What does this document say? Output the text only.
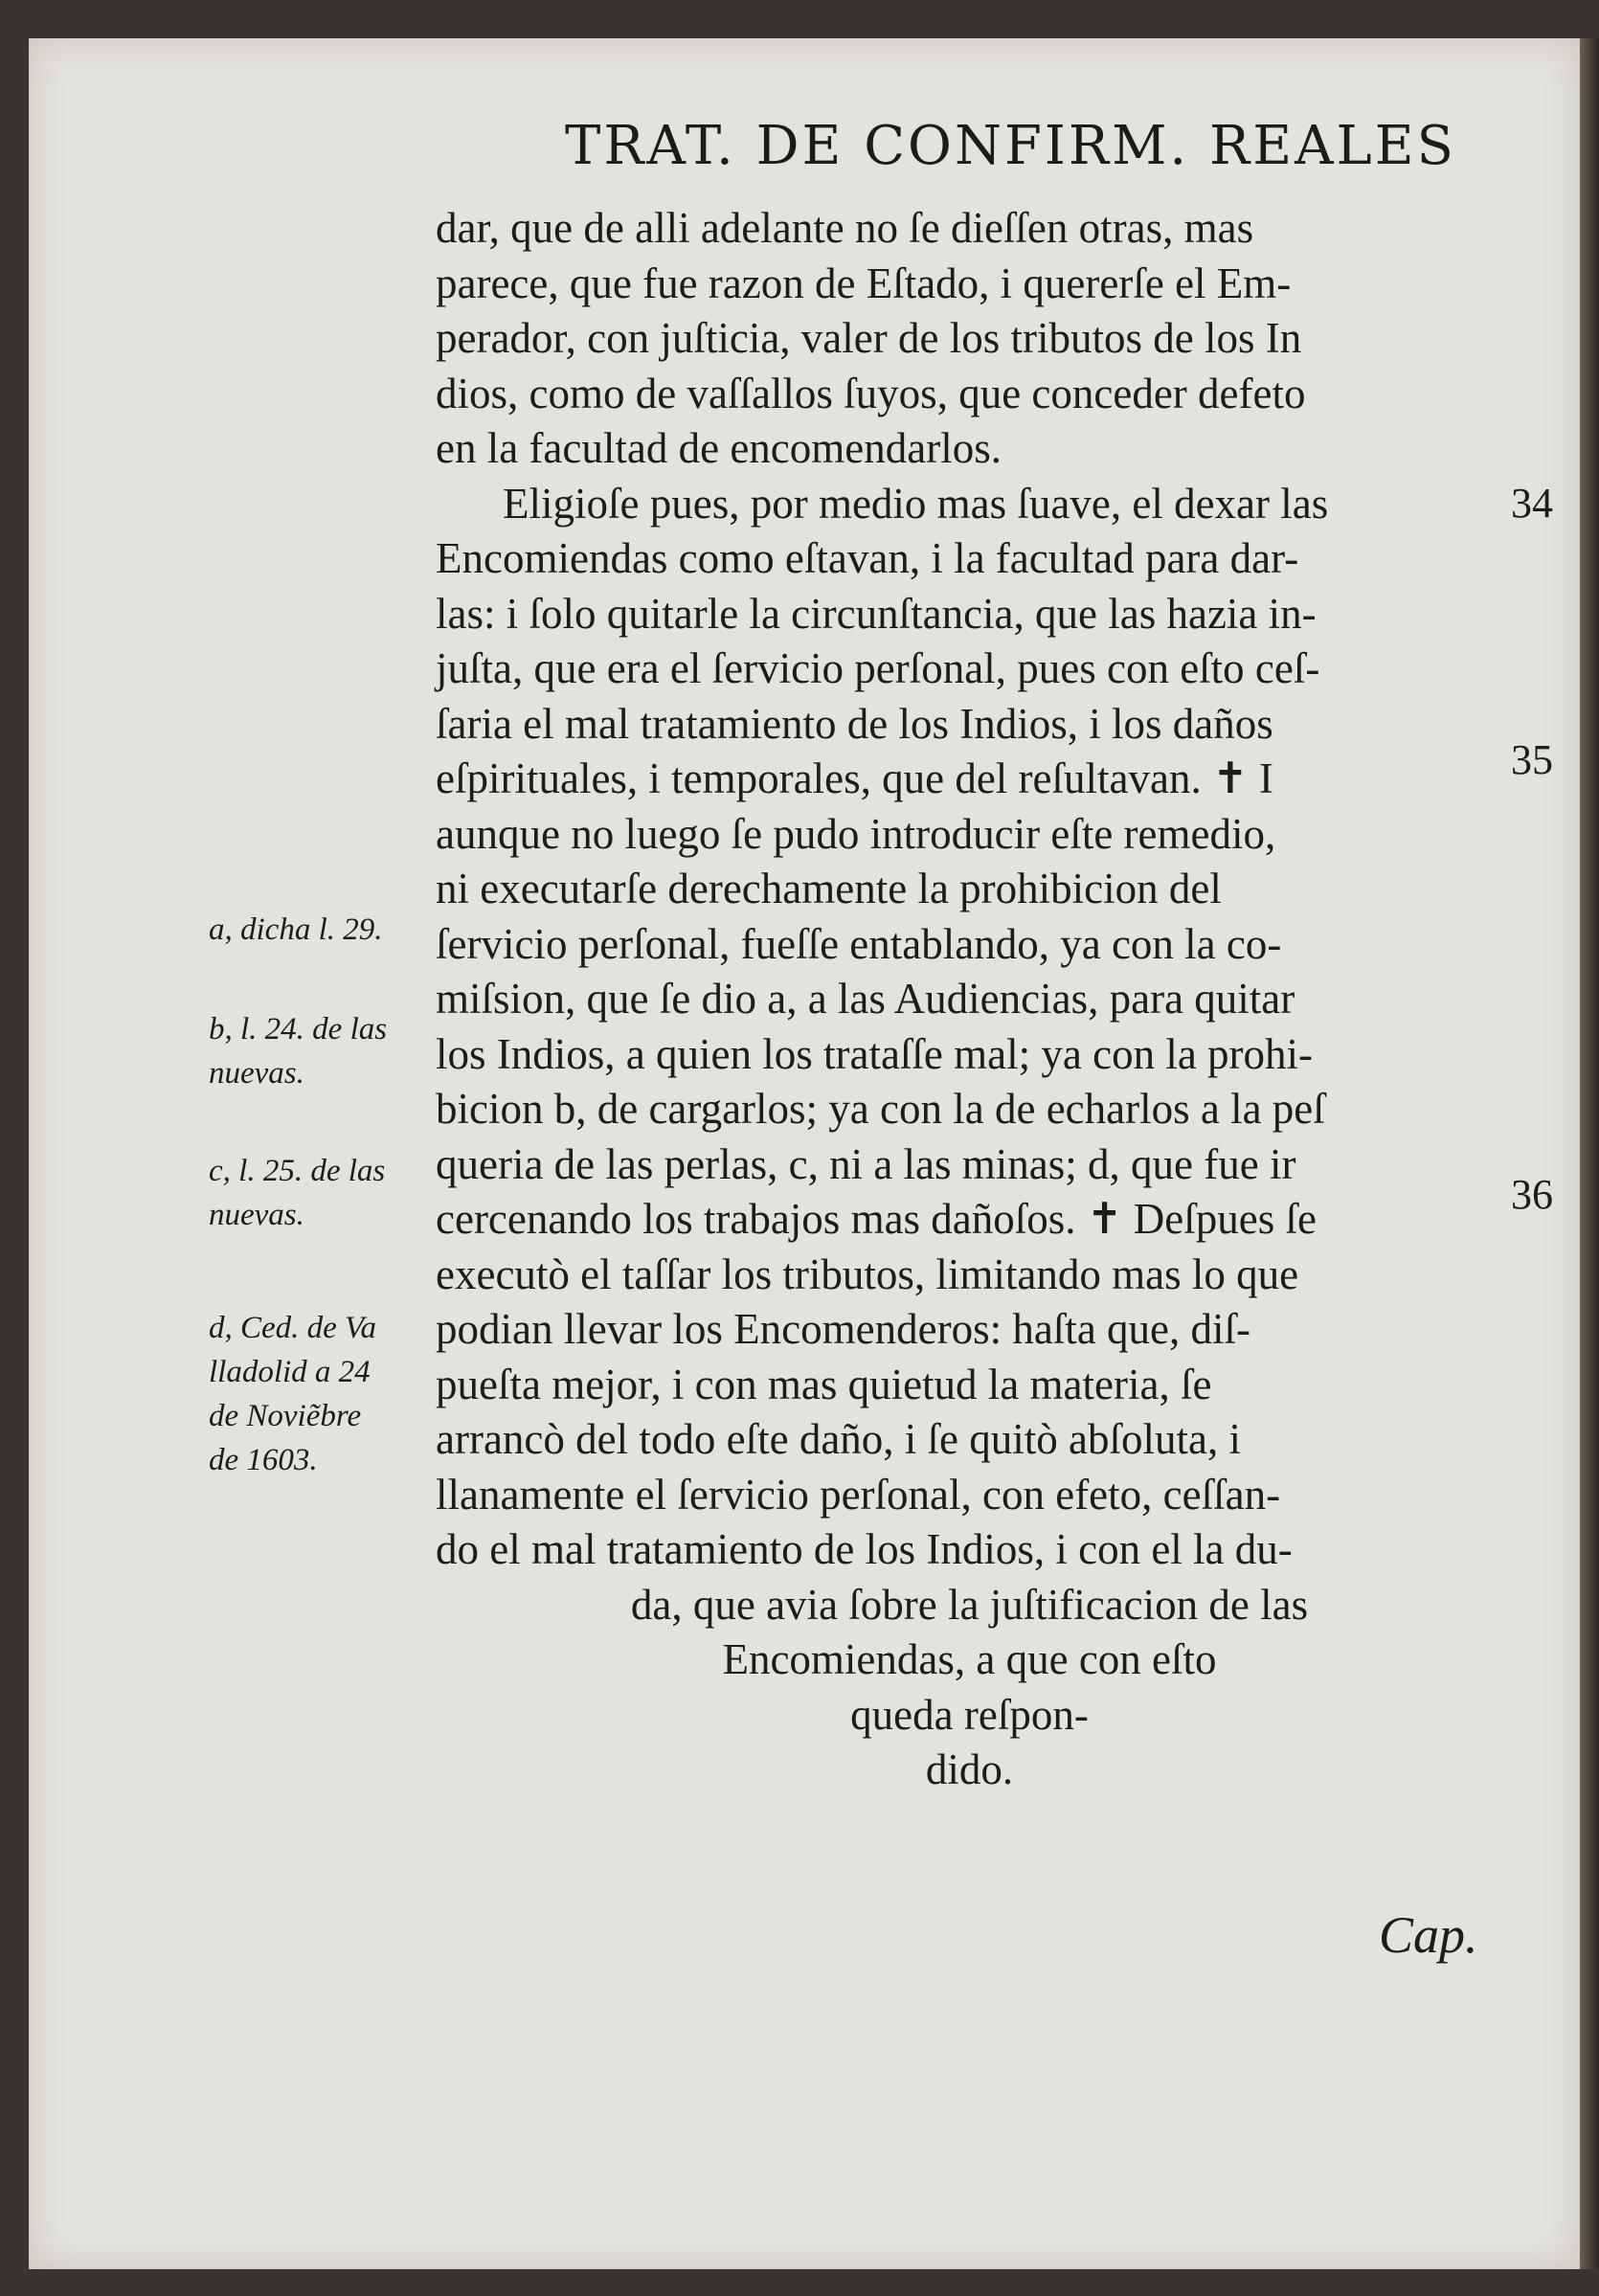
TRAT. DE CONFIRM. REALES
dar, que de alli adelante no ſe dieſſen otras, mas
parece, que fue razon de Eſtado, i quererſe el Em-
perador, con juſticia, valer de los tributos de los In
dios, como de vaſſallos ſuyos, que conceder defeto
en la facultad de encomendarlos.
Eligioſe pues, por medio mas ſuave, el dexar las
Encomiendas como eſtavan, i la facultad para dar-
las: i ſolo quitarle la circunſtancia, que las hazia in-
juſta, que era el ſervicio perſonal, pues con eſto ceſ-
ſaria el mal tratamiento de los Indios, i los daños
eſpirituales, i temporales, que del reſultavan. ✝ I
aunque no luego ſe pudo introducir eſte remedio,
ni executarſe derechamente la prohibicion del
ſervicio perſonal, fueſſe entablando, ya con la co-
miſsion, que ſe dio a, a las Audiencias, para quitar
los Indios, a quien los trataſſe mal; ya con la prohi-
bicion b, de cargarlos; ya con la de echarlos a la peſ
queria de las perlas, c, ni a las minas; d, que fue ir
cercenando los trabajos mas dañoſos. ✝ Deſpues ſe
executò el taſſar los tributos, limitando mas lo que
podian llevar los Encomenderos: haſta que, diſ-
pueſta mejor, i con mas quietud la materia, ſe
arrancò del todo eſte daño, i ſe quitò abſoluta, i
llanamente el ſervicio perſonal, con efeto, ceſſan-
do el mal tratamiento de los Indios, i con el la du-
da, que avia ſobre la juſtificacion de las
Encomiendas, a que con eſto
queda reſpon-
dido.
34
35
36
a, dicha l. 29.
b, l. 24. de las
nuevas.
c, l. 25. de las
nuevas.
d, Ced. de Va
lladolid a 24
de Noviẽbre
de 1603.
Cap.
